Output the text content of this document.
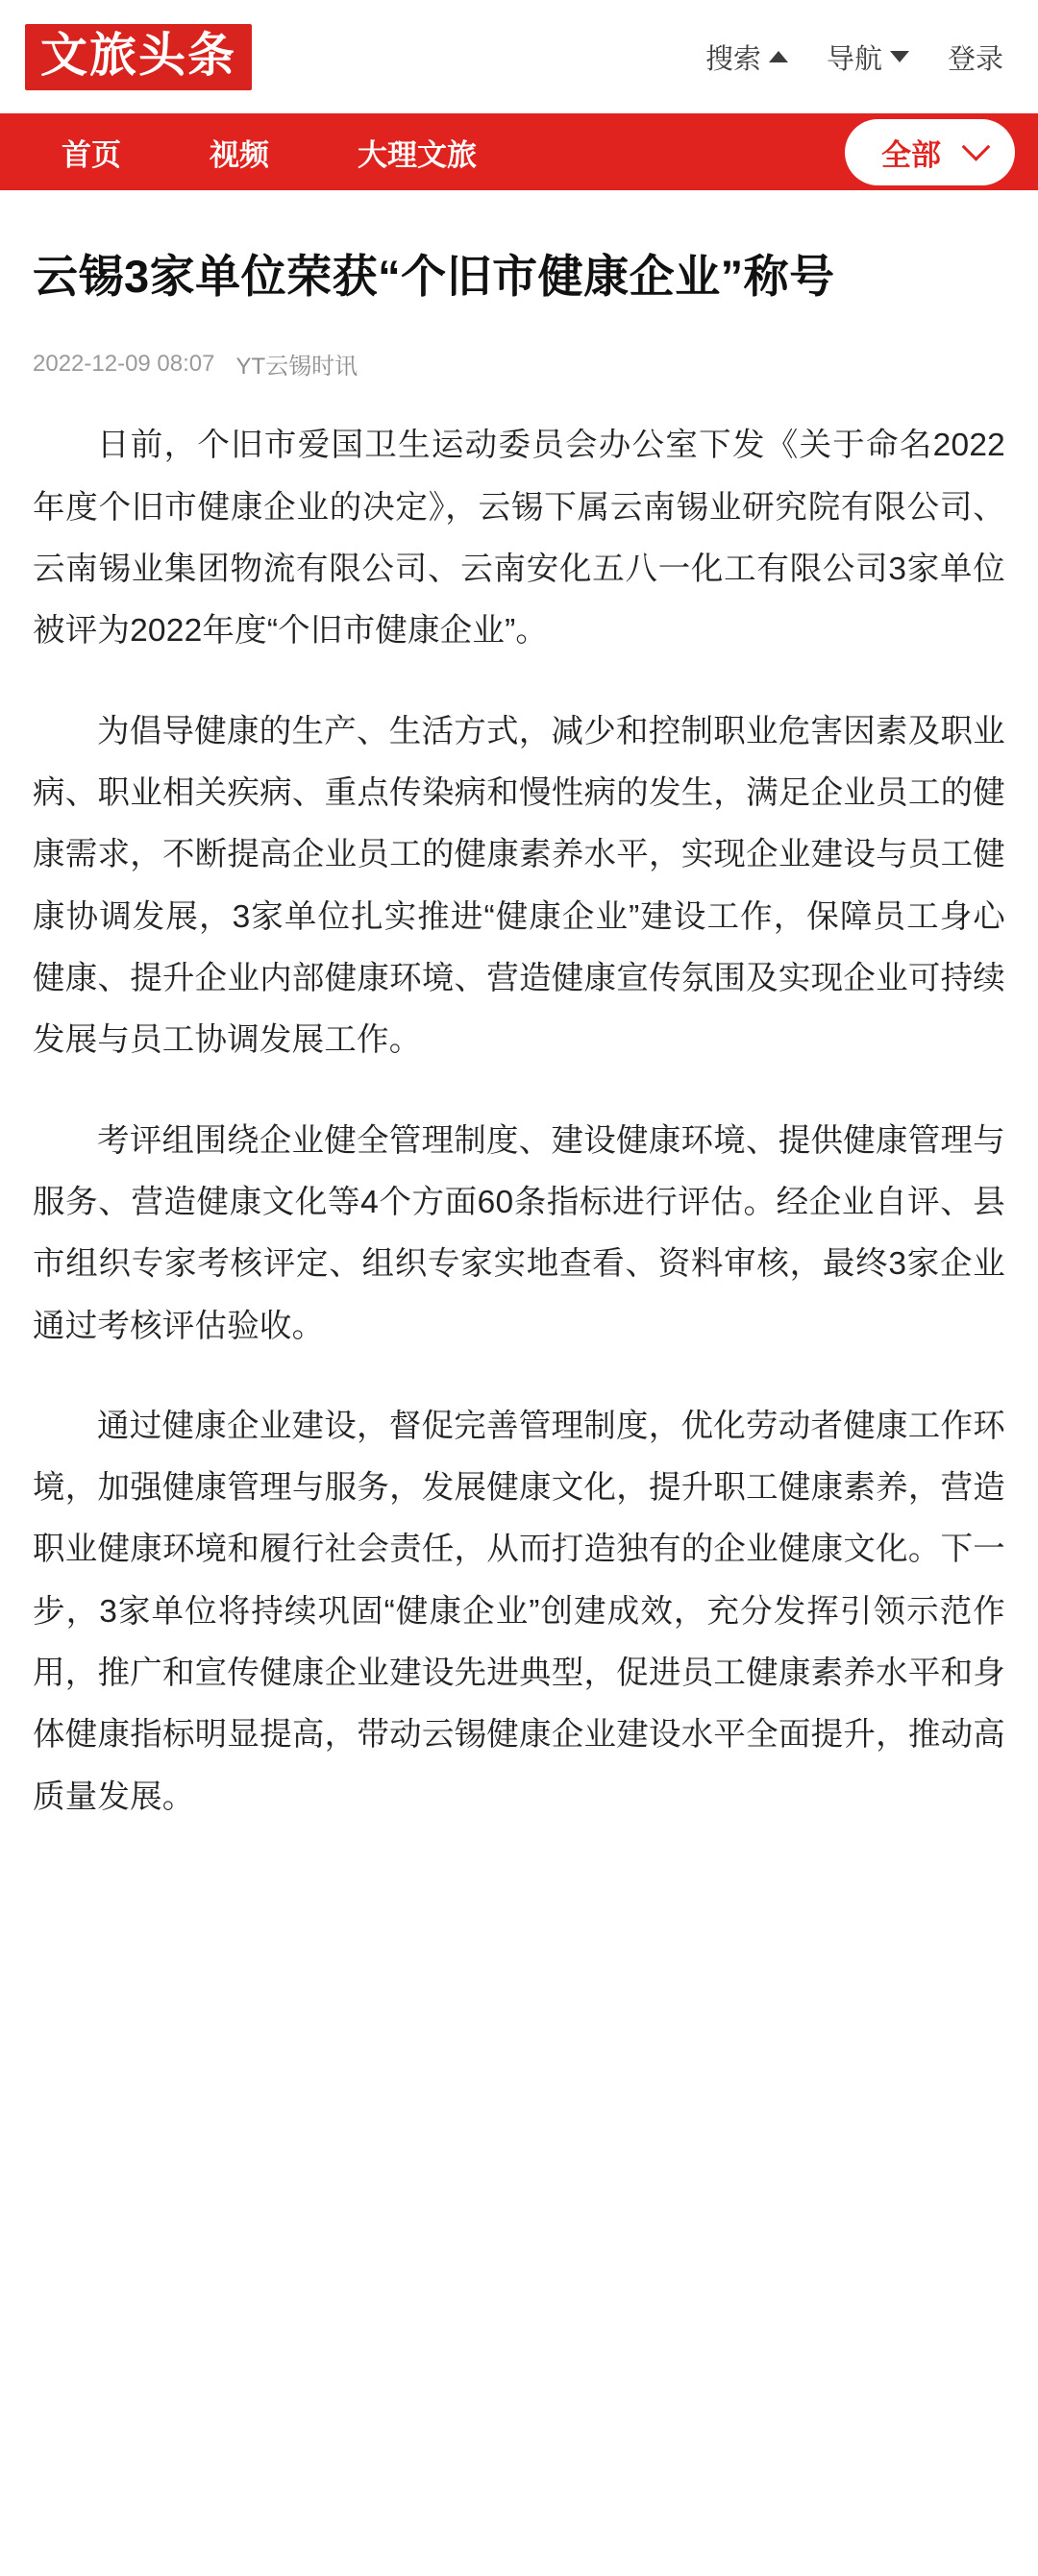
文旅头条	搜索 导航 登录
首页	视频	大理文旅	全部
云锡3家单位荣获“个旧市健康企业”称号
2022-12-09 08:07 YT云锡时讯

日前，个旧市爱国卫生运动委员会办公室下发《关于命名2022年度个旧市健康企业的决定》，云锡下属云南锡业研究院有限公司、云南锡业集团物流有限公司、云南安化五八一化工有限公司3家单位被评为2022年度“个旧市健康企业”。

为倡导健康的生产、生活方式，减少和控制职业危害因素及职业病、职业相关疾病、重点传染病和慢性病的发生，满足企业员工的健康需求，不断提高企业员工的健康素养水平，实现企业建设与员工健康协调发展，3家单位扎实推进“健康企业”建设工作，保障员工身心健康、提升企业内部健康环境、营造健康宣传氛围及实现企业可持续发展与员工协调发展工作。

考评组围绕企业健全管理制度、建设健康环境、提供健康管理与服务、营造健康文化等4个方面60条指标进行评估。经企业自评、县市组织专家考核评定、组织专家实地查看、资料审核，最终3家企业通过考核评估验收。

通过健康企业建设，督促完善管理制度，优化劳动者健康工作环境，加强健康管理与服务，发展健康文化，提升职工健康素养，营造职业健康环境和履行社会责任，从而打造独有的企业健康文化。下一步，3家单位将持续巩固“健康企业”创建成效，充分发挥引领示范作用，推广和宣传健康企业建设先进典型，促进员工健康素养水平和身体健康指标明显提高，带动云锡健康企业建设水平全面提升，推动高质量发展。
